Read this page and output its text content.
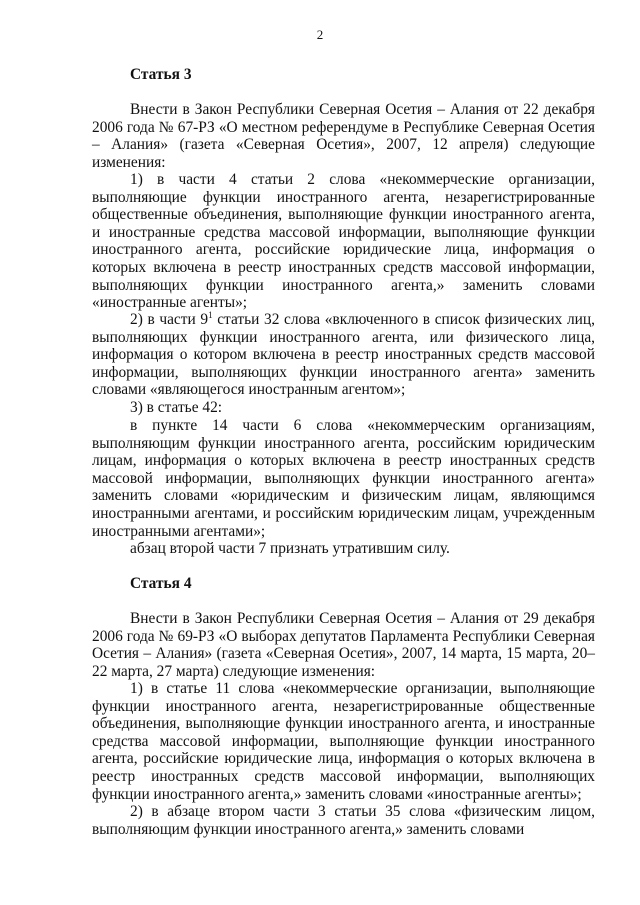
2

Статья 3

Внести в Закон Республики Северная Осетия – Алания от 22 декабря 2006 года № 67-РЗ «О местном референдуме в Республике Северная Осетия – Алания» (газета «Северная Осетия», 2007, 12 апреля) следующие изменения:

1) в части 4 статьи 2 слова «некоммерческие организации, выполняющие функции иностранного агента, незарегистрированные общественные объединения, выполняющие функции иностранного агента, и иностранные средства массовой информации, выполняющие функции иностранного агента, российские юридические лица, информация о которых включена в реестр иностранных средств массовой информации, выполняющих функции иностранного агента,» заменить словами «иностранные агенты»;

2) в части $9^1$ статьи 32 слова «включенного в список физических лиц, выполняющих функции иностранного агента, или физического лица, информация о котором включена в реестр иностранных средств массовой информации, выполняющих функции иностранного агента» заменить словами «являющегося иностранным агентом»;

3) в статье 42:

в пункте 14 части 6 слова «некоммерческим организациям, выполняющим функции иностранного агента, российским юридическим лицам, информация о которых включена в реестр иностранных средств массовой информации, выполняющих функции иностранного агента» заменить словами «юридическим и физическим лицам, являющимся иностранными агентами, и российским юридическим лицам, учрежденным иностранными агентами»;

абзац второй части 7 признать утратившим силу.

Статья 4

Внести в Закон Республики Северная Осетия – Алания от 29 декабря 2006 года № 69-РЗ «О выборах депутатов Парламента Республики Северная Осетия – Алания» (газета «Северная Осетия», 2007, 14 марта, 15 марта, 20–22 марта, 27 марта) следующие изменения:

1) в статье 11 слова «некоммерческие организации, выполняющие функции иностранного агента, незарегистрированные общественные объединения, выполняющие функции иностранного агента, и иностранные средства массовой информации, выполняющие функции иностранного агента, российские юридические лица, информация о которых включена в реестр иностранных средств массовой информации, выполняющих функции иностранного агента,» заменить словами «иностранные агенты»;

2) в абзаце втором части 3 статьи 35 слова «физическим лицом, выполняющим функции иностранного агента,» заменить словами
